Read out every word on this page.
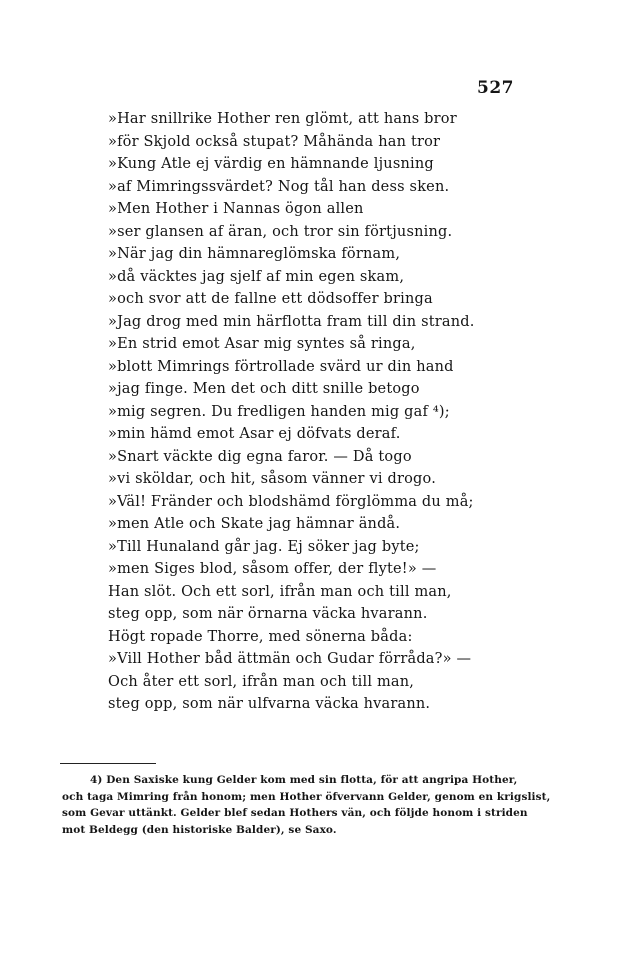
527
»Har snillrike Hother ren glömt, att hans bror
»för Skjold också stupat? Måhända han tror
»Kung Atle ej värdig en hämnande ljusning
»af Mimringssvärdet? Nog tål han dess sken.
»Men Hother i Nannas ögon allen
»ser glansen af äran, och tror sin förtjusning.
»När jag din hämnareglömska förnam,
»då väcktes jag sjelf af min egen skam,
»och svor att de fallne ett dödsoffer bringa
»Jag drog med min härflotta fram till din strand.
»En strid emot Asar mig syntes så ringa,
»blott Mimrings förtrollade svärd ur din hand
»jag finge. Men det och ditt snille betogo
»mig segren. Du fredligen handen mig gaf ⁴);
»min hämd emot Asar ej döfvats deraf.
»Snart väckte dig egna faror. — Då togo
»vi sköldar, och hit, såsom vänner vi drogo.
»Väl! Fränder och blodshämd förglömma du må;
»men Atle och Skate jag hämnar ändå.
»Till Hunaland går jag. Ej söker jag byte;
»men Siges blod, såsom offer, der flyte!» —
Han slöt. Och ett sorl, ifrån man och till man,
steg opp, som när örnarna väcka hvarann.
Högt ropade Thorre, med sönerna båda:
»Vill Hother båd ättmän och Gudar förråda?» —
Och åter ett sorl, ifrån man och till man,
steg opp, som när ulfvarna väcka hvarann.
4) Den Saxiske kung Gelder kom med sin flotta, för att angripa Hother,
och taga Mimring från honom; men Hother öfvervann Gelder, genom en krigslist,
som Gevar uttänkt. Gelder blef sedan Hothers vän, och följde honom i striden
mot Beldegg (den historiske Balder), se Saxo.
